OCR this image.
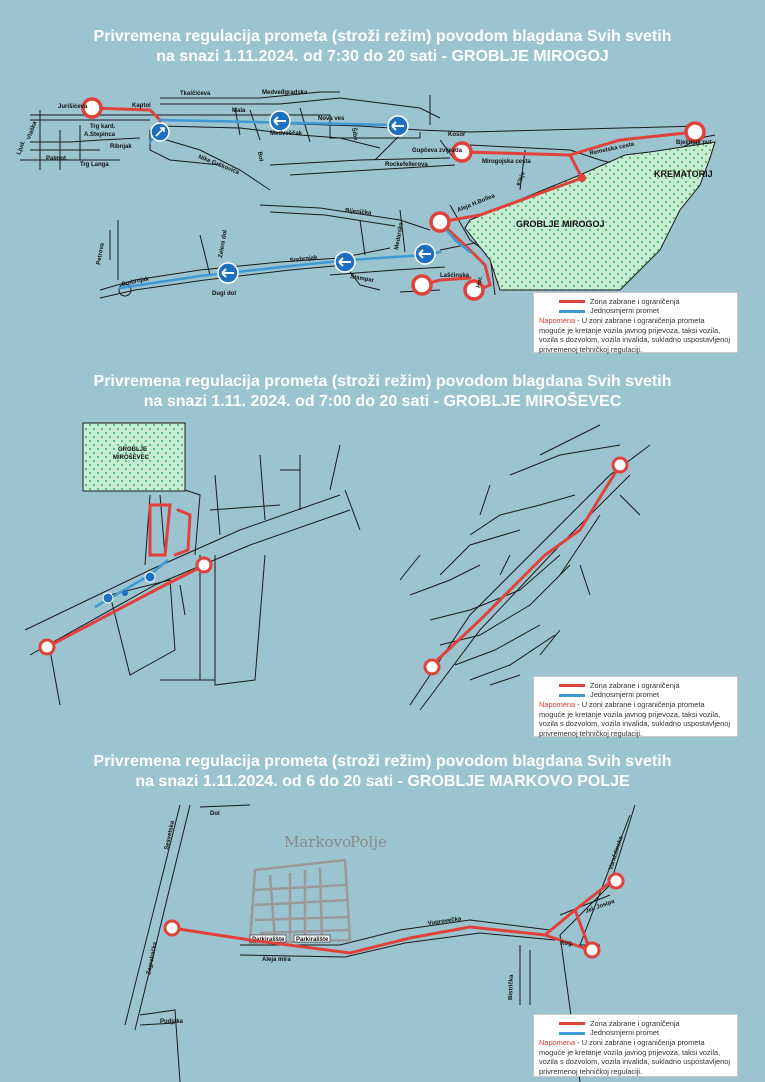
Privremena regulacija prometa (stroži režim) povodom blagdana Svih svetih
na snazi 1.11.2024. od 7:30 do 20 sati - GROBLJE MIROGOJ
Jurišićeva	Kaptol
Tkalčićeva	Medveđgradska
Mala
Nova ves
Medveščak
Bol
Šibe
Trg kard.
A.Stepinca
Ribnjak
Palmot.
Trg Langa
Vlaška
Ljud.
Nike Grškovića	Rockefellerova
Gupčeva zvijezda
Kosor
Mirogojska cesta
Remetska cesta	Bjelinjak put
Kleje
Aleja H.Bollea
Bijenička
Medarska
Srebrnjak
Srebrnjak
Zeleni dol
Dugi dol
Štampar	Lašćinska Hor.
Petrova
KREMATORIJ
GROBLJE MIROGOJ
Zona zabrane i ograničenja
Jednosmjerni promet
Napomena - U zoni zabrane i ograničenja prometa moguće je kretanje vozila javnog prijevoza, taksi vozila, vozila s dozvolom, vozila invalida, sukladno uspostavljenoj privremenoj tehničkoj regulaciji.
Privremena regulacija prometa (stroži režim) povodom blagdana Svih svetih
na snazi 1.11. 2024. od 7:00 do 20 sati - GROBLJE MIROŠEVEC
GROBLJE
MIROŠEVEC
Zona zabrane i ograničenja
Jednosmjerni promet
Napomena - U zoni zabrane i ograničenja prometa moguće je kretanje vozila javnog prijevoza, taksi vozila, vozila s dozvolom, vozila invalida, sukladno uspostavljenoj privremenoj tehničkoj regulaciji.
Privremena regulacija prometa (stroži režim) povodom blagdana Svih svetih
na snazi 1.11.2024. od 6 do 20 sati - GROBLJE MARKOVO POLJE
Markovo
Polje
Parkiralište Parkiralište
Dol
Sesvetska
Zagrebačka	Aleja mira
Vugrovečka
Bistrička
Varaždinska
Pudjaka
Rog.
Jel. Josipa
Zona zabrane i ograničenja
Jednosmjerni promet
Napomena - U zoni zabrane i ograničenja prometa moguće je kretanje vozila javnog prijevoza, taksi vozila, vozila s dozvolom, vozila invalida, sukladno uspostavljenoj privremenoj tehničkoj regulaciji.
